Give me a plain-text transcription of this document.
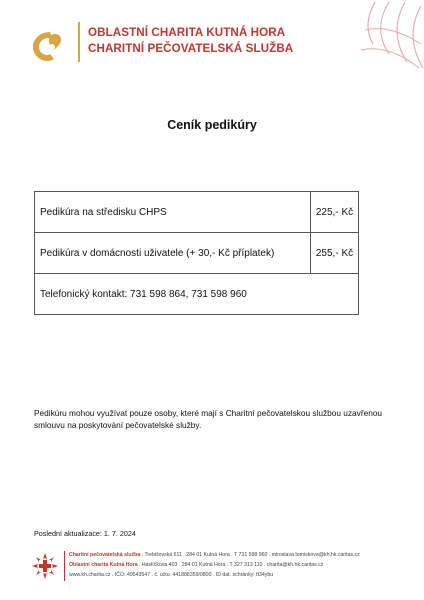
OBLASTNÍ CHARITA KUTNÁ HORA
CHARITNÍ PEČOVATELSKÁ SLUŽBA
Ceník pedikúry
Pedikúra na středisku CHPS	225,- Kč
Pedikúra v domácnosti uživatele (+ 30,- Kč příplatek)	255,- Kč
Telefonický kontakt: 731 598 864, 731 598 960	
Pedikúru mohou využívat pouze osoby, které mají s Charitní pečovatelskou službou uzavřenou smlouvu na poskytování pečovatelské služby.
Poslední aktualizace: 1. 7. 2024
Charitní pečovatelská služba . Trebišovská 611 . 284 01 Kutná Hora . T 731 598 960 . miroslava.tomiskova@kh.hk.caritas.cz
Oblastní charita Kutná Hora . Havlíčkova 403 . 284 01 Kutná Hora . T 327 313 110 . charita@kh.hk.caritas.cz
www.kh.charita.cz . IČO: 49543547 . č. účtu: 441888359/0800 . ID dat. schránky: ft34ybu
